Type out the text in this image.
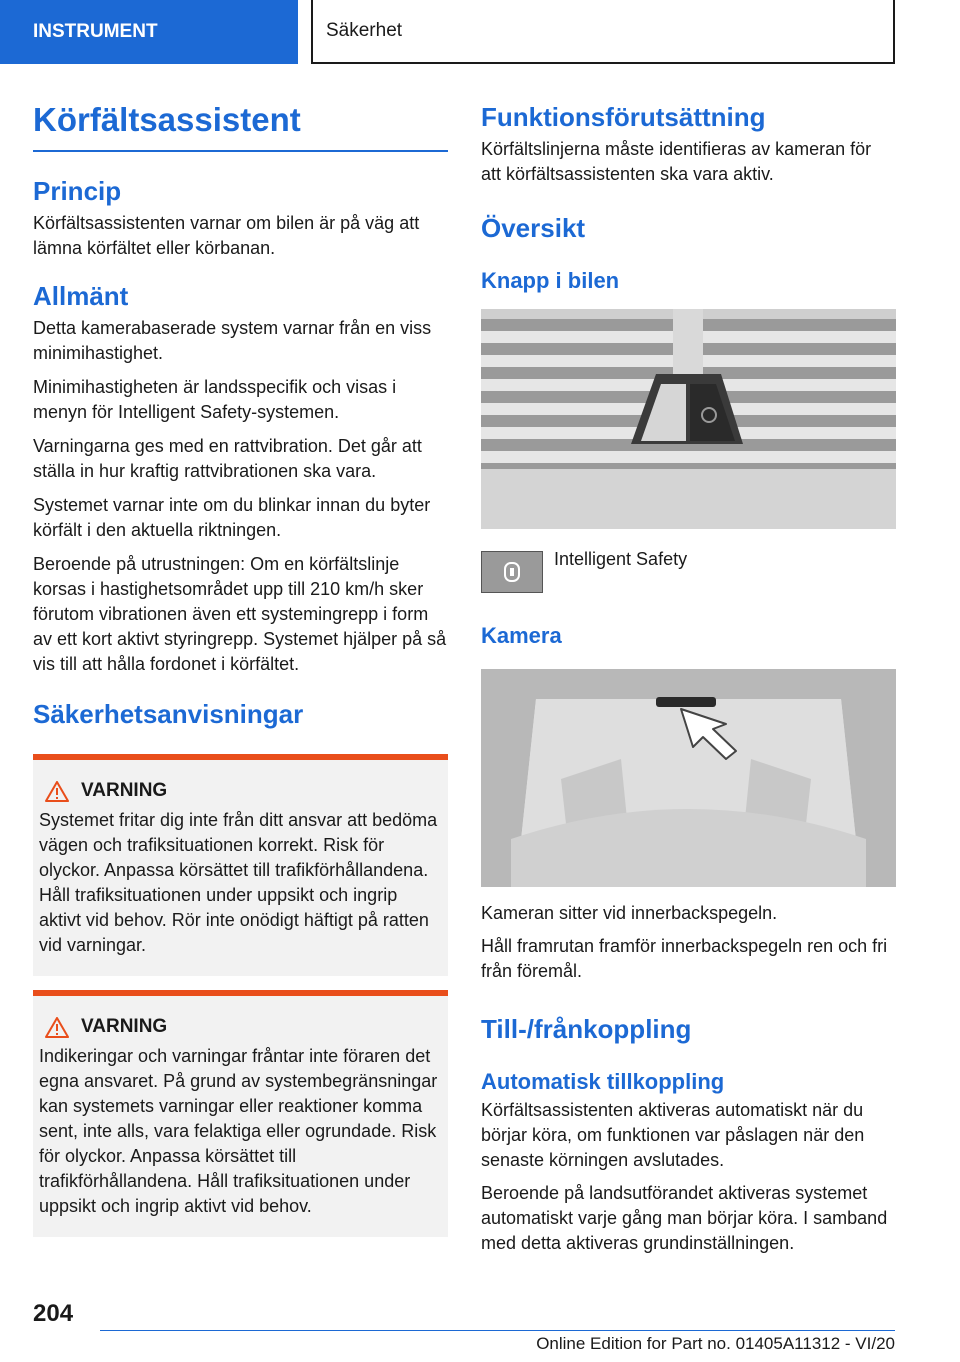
INSTRUMENT	Säkerhet
Körfältsassistent
Princip

Körfältsassistenten varnar om bilen är på väg att lämna körfältet eller körbanan.

Allmänt

Detta kamerabaserade system varnar från en viss minimihastighet.

Minimihastigheten är landsspecifik och visas i menyn för Intelligent Safety-systemen.

Varningarna ges med en rattvibration. Det går att ställa in hur kraftig rattvibrationen ska vara.

Systemet varnar inte om du blinkar innan du byter körfält i den aktuella riktningen.

Beroende på utrustningen: Om en körfältslinje korsas i hastighetsområdet upp till 210 km/h sker förutom vibrationen även ett systemingrepp i form av ett kort aktivt styringrepp. Systemet hjälper på så vis till att hålla fordonet i körfältet.

Säkerhetsanvisningar
VARNING

Systemet fritar dig inte från ditt ansvar att bedöma vägen och trafiksituationen korrekt. Risk för olyckor. Anpassa körsättet till trafikförhållandena. Håll trafiksituationen under uppsikt och ingrip aktivt vid behov. Rör inte onödigt häftigt på ratten vid varningar.

VARNING

Indikeringar och varningar fråntar inte föraren det egna ansvaret. På grund av systembegränsningar kan systemets varningar eller reaktioner komma sent, inte alls, vara felaktiga eller ogrundade. Risk för olyckor. Anpassa körsättet till trafikförhållandena. Håll trafiksituationen under uppsikt och ingrip aktivt vid behov.

Funktionsförutsättning

Körfältslinjerna måste identifieras av kameran för att körfältsassistenten ska vara aktiv.

Översikt
Knapp i bilen

Intelligent Safety

Kamera

Kameran sitter vid innerbackspegeln.

Håll framrutan framför innerbackspegeln ren och fri från föremål.

Till-/frånkoppling
Automatisk tillkoppling

Körfältsassistenten aktiveras automatiskt när du börjar köra, om funktionen var påslagen när den senaste körningen avslutades.

Beroende på landsutförandet aktiveras systemet automatiskt varje gång man börjar köra. I samband med detta aktiveras grundinställningen.

204
Online Edition for Part no. 01405A11312 - VI/20
